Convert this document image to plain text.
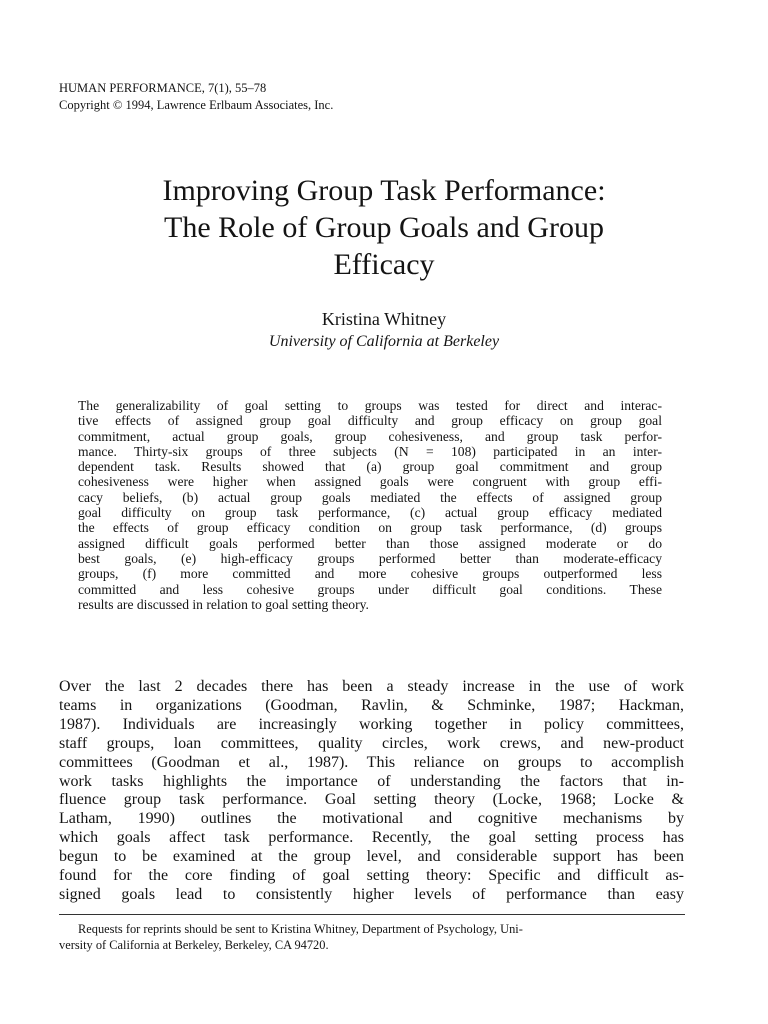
HUMAN PERFORMANCE, 7(1), 55–78
Copyright © 1994, Lawrence Erlbaum Associates, Inc.
Improving Group Task Performance:
The Role of Group Goals and Group
Efficacy
Kristina Whitney
University of California at Berkeley
The generalizability of goal setting to groups was tested for direct and interac-
tive effects of assigned group goal difficulty and group efficacy on group goal
commitment, actual group goals, group cohesiveness, and group task perfor-
mance. Thirty-six groups of three subjects (N = 108) participated in an inter-
dependent task. Results showed that (a) group goal commitment and group
cohesiveness were higher when assigned goals were congruent with group effi-
cacy beliefs, (b) actual group goals mediated the effects of assigned group
goal difficulty on group task performance, (c) actual group efficacy mediated
the effects of group efficacy condition on group task performance, (d) groups
assigned difficult goals performed better than those assigned moderate or do
best goals, (e) high-efficacy groups performed better than moderate-efficacy
groups, (f) more committed and more cohesive groups outperformed less
committed and less cohesive groups under difficult goal conditions. These
results are discussed in relation to goal setting theory.
Over the last 2 decades there has been a steady increase in the use of work
teams in organizations (Goodman, Ravlin, & Schminke, 1987; Hackman,
1987). Individuals are increasingly working together in policy committees,
staff groups, loan committees, quality circles, work crews, and new-product
committees (Goodman et al., 1987). This reliance on groups to accomplish
work tasks highlights the importance of understanding the factors that in-
fluence group task performance. Goal setting theory (Locke, 1968; Locke &
Latham, 1990) outlines the motivational and cognitive mechanisms by
which goals affect task performance. Recently, the goal setting process has
begun to be examined at the group level, and considerable support has been
found for the core finding of goal setting theory: Specific and difficult as-
signed goals lead to consistently higher levels of performance than easy
Requests for reprints should be sent to Kristina Whitney, Department of Psychology, Uni-
versity of California at Berkeley, Berkeley, CA 94720.
